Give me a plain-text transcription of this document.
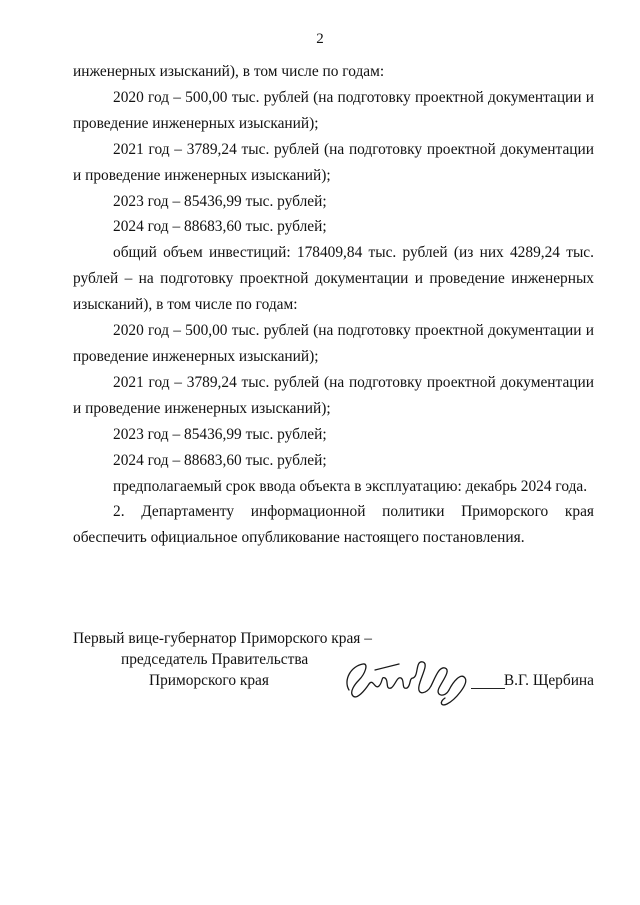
2

инженерных изысканий), в том числе по годам:

2020 год – 500,00 тыс. рублей (на подготовку проектной документации и проведение инженерных изысканий);

2021 год – 3789,24 тыс. рублей (на подготовку проектной документации и проведение инженерных изысканий);

2023 год – 85436,99 тыс. рублей;

2024 год – 88683,60 тыс. рублей;

общий объем инвестиций: 178409,84 тыс. рублей (из них 4289,24 тыс. рублей – на подготовку проектной документации и проведение инженерных изысканий), в том числе по годам:

2020 год – 500,00 тыс. рублей (на подготовку проектной документации и проведение инженерных изысканий);

2021 год – 3789,24 тыс. рублей (на подготовку проектной документации и проведение инженерных изысканий);

2023 год – 85436,99 тыс. рублей;

2024 год – 88683,60 тыс. рублей;

предполагаемый срок ввода объекта в эксплуатацию: декабрь 2024 года.

2. Департаменту информационной политики Приморского края обеспечить официальное опубликование настоящего постановления.

Первый вице-губернатор Приморского края –
председатель Правительства
Приморского края	В.Г. Щербина
